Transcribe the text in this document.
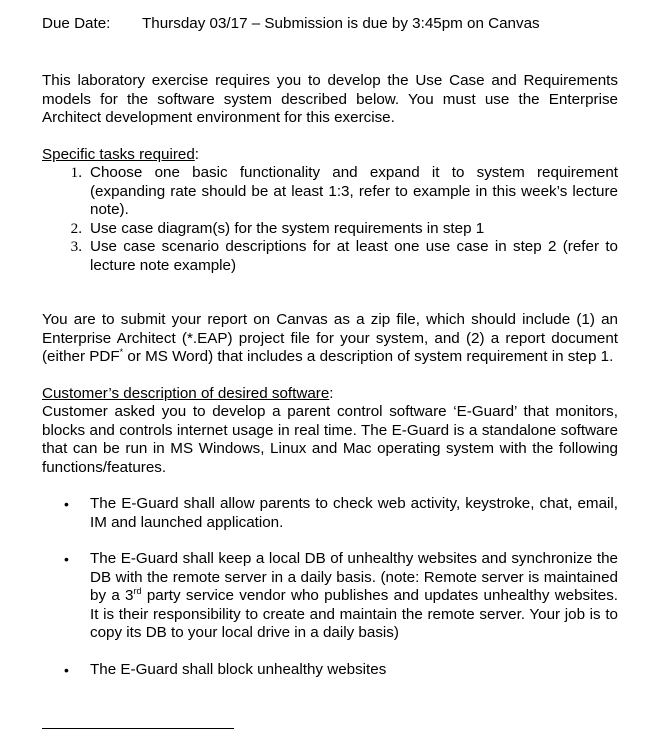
Due Date:	Thursday 03/17 – Submission is due by 3:45pm on Canvas

This laboratory exercise requires you to develop the Use Case and Requirements models for the software system described below. You must use the Enterprise Architect development environment for this exercise.

Specific tasks required:

1. Choose one basic functionality and expand it to system requirement (expanding rate should be at least 1:3, refer to example in this week’s lecture note).
2. Use case diagram(s) for the system requirements in step 1
3. Use case scenario descriptions for at least one use case in step 2 (refer to lecture note example)

You are to submit your report on Canvas as a zip file, which should include (1) an Enterprise Architect (*.EAP) project file for your system, and (2) a report document (either PDF* or MS Word) that includes a description of system requirement in step 1.

Customer’s description of desired software:

Customer asked you to develop a parent control software ‘E-Guard’ that monitors, blocks and controls internet usage in real time. The E-Guard is a standalone software that can be run in MS Windows, Linux and Mac operating system with the following functions/features.

•	The E-Guard shall allow parents to check web activity, keystroke, chat, email, IM and launched application.
•	The E-Guard shall keep a local DB of unhealthy websites and synchronize the DB with the remote server in a daily basis. (note: Remote server is maintained by a 3rd party service vendor who publishes and updates unhealthy websites. It is their responsibility to create and maintain the remote server. Your job is to copy its DB to your local drive in a daily basis)
•	The E-Guard shall block unhealthy websites
